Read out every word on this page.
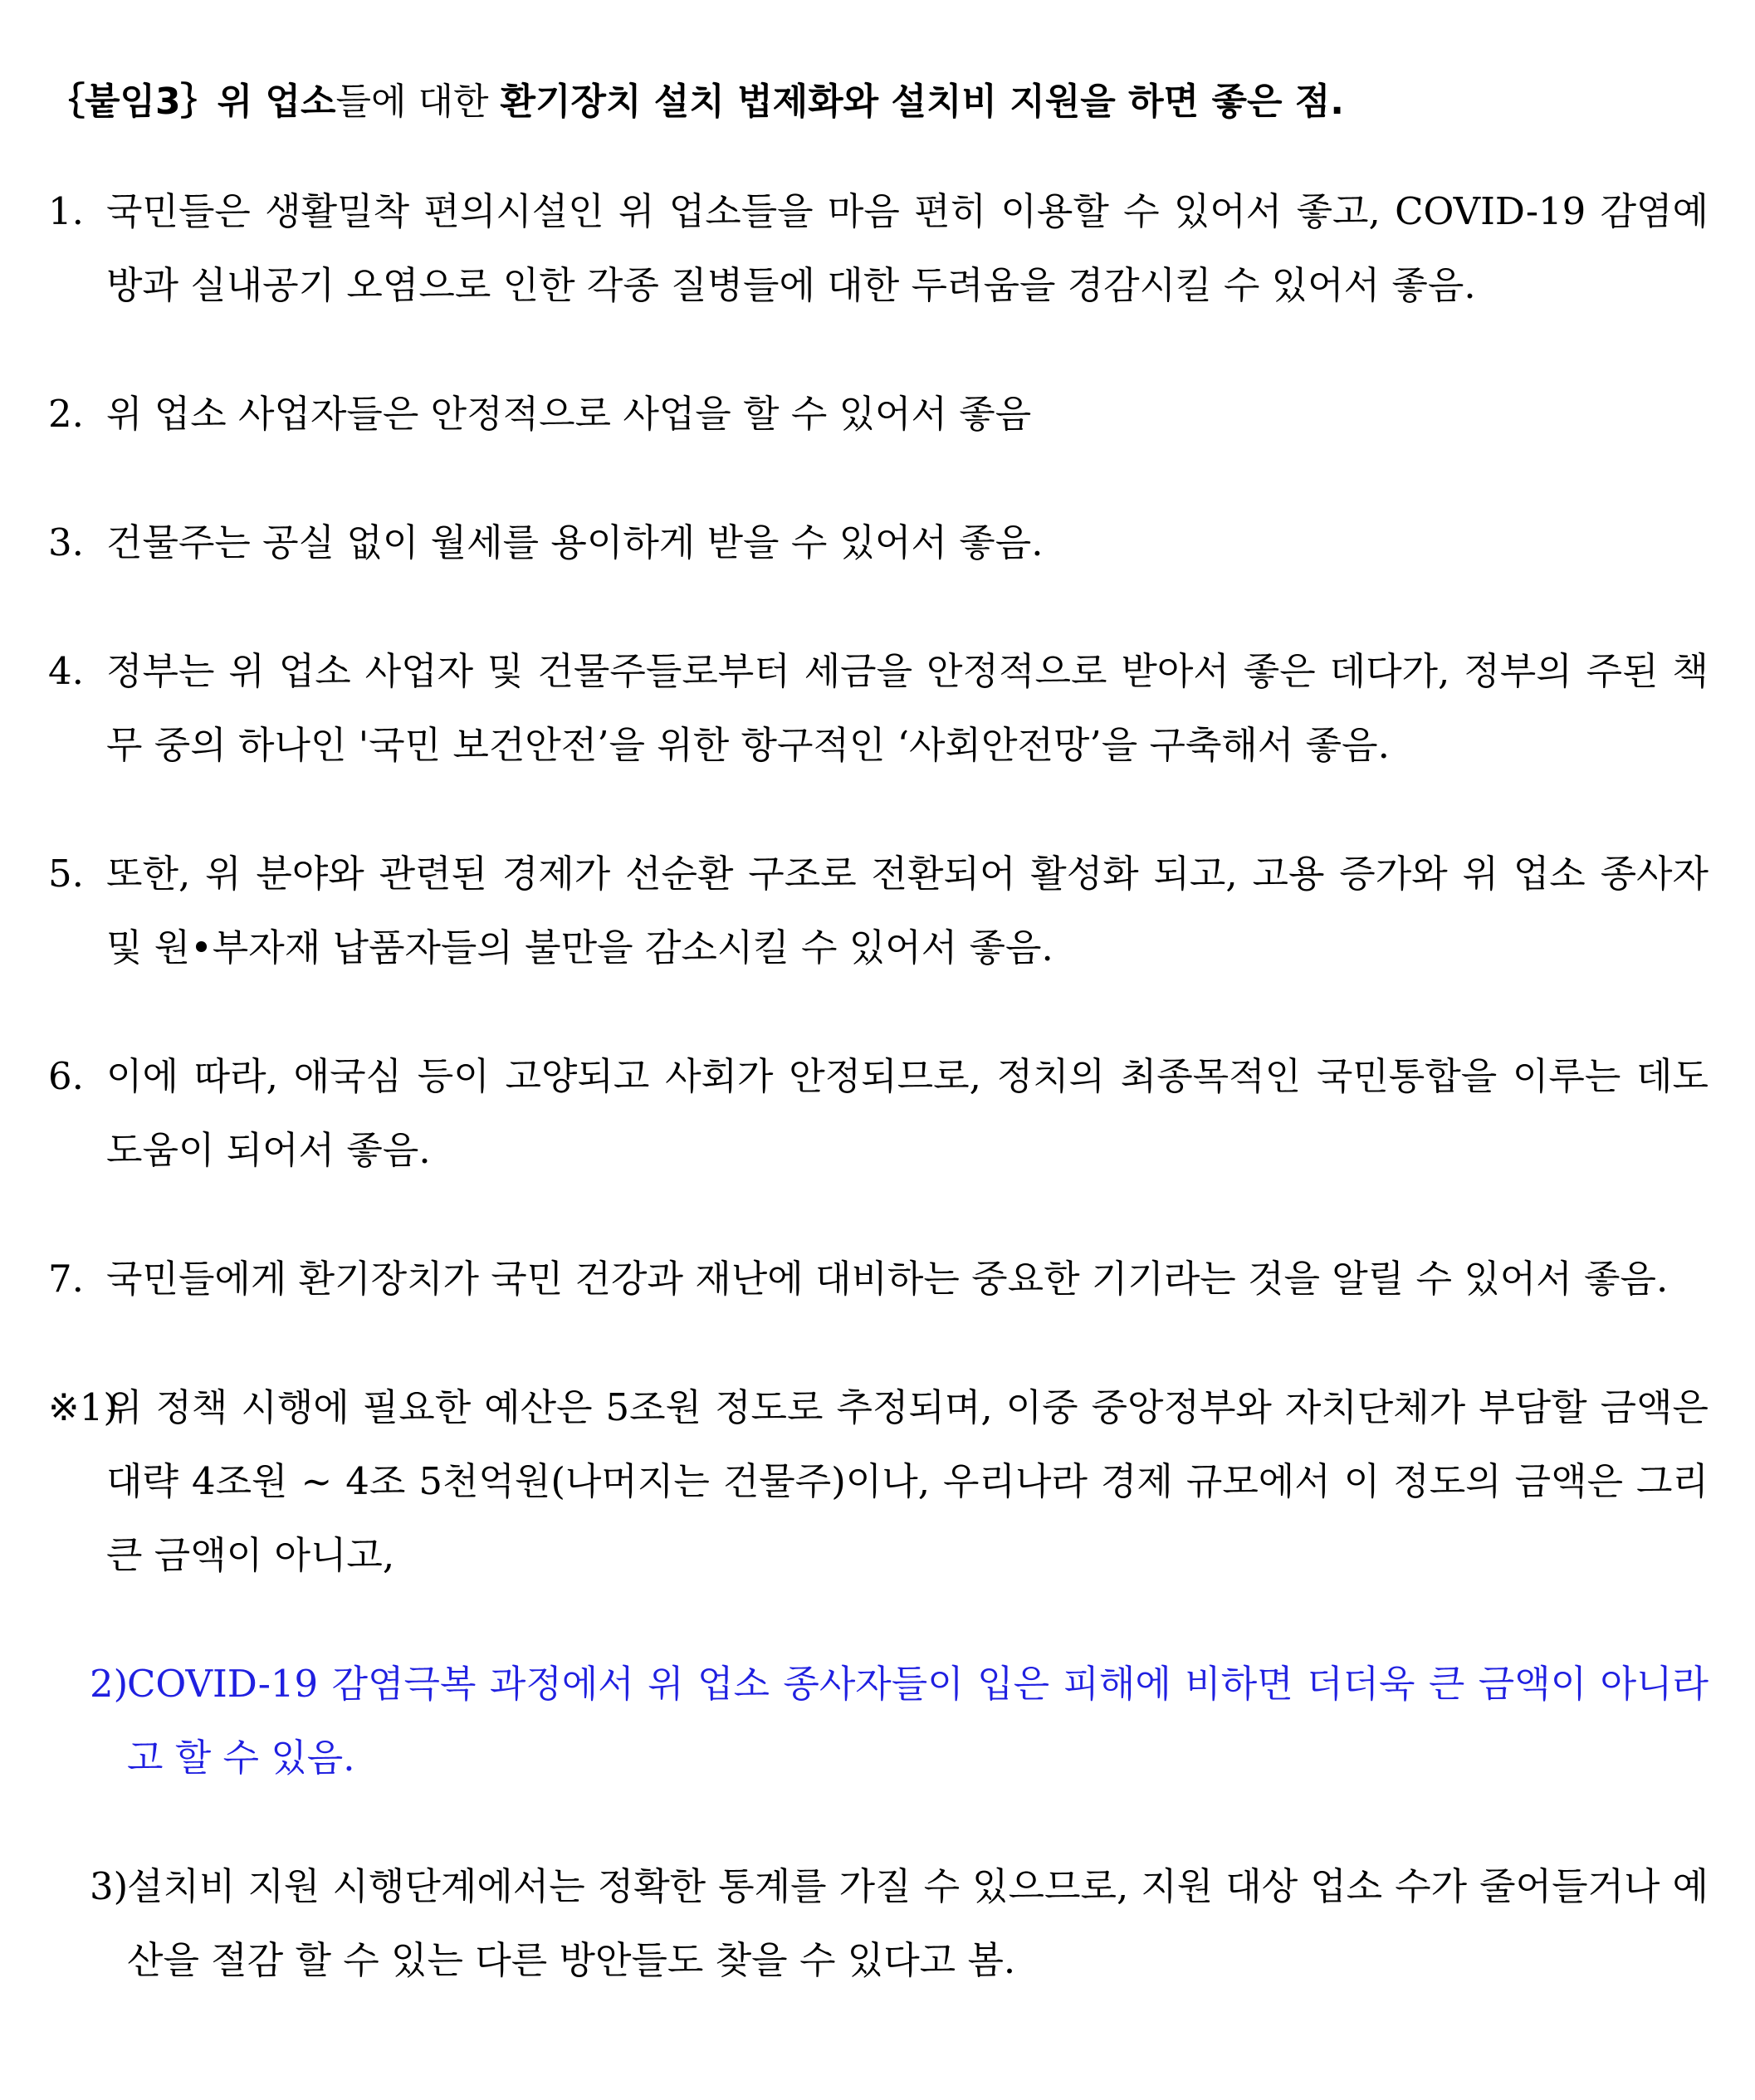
｛붙임3｝위 업소들에 대한 환기장치 설치 법제화와 설치비 지원을 하면 좋은 점.
1. 국민들은 생활밀착 편의시설인 위 업소들을 마음 편히 이용할 수 있어서 좋고, COVID-19 감염예방과 실내공기 오염으로 인한 각종 질병들에 대한 두려움을 경감시킬 수 있어서 좋음.
2. 위 업소 사업자들은 안정적으로 사업을 할 수 있어서 좋음
3. 건물주는 공실 없이 월세를 용이하게 받을 수 있어서 좋음.
4. 정부는 위 업소 사업자 및 건물주들로부터 세금을 안정적으로 받아서 좋은 데다가, 정부의 주된 책무 중의 하나인 '국민 보건안전’을 위한 항구적인 ‘사회안전망’을 구축해서 좋음.
5. 또한, 위 분야와 관련된 경제가 선순환 구조로 전환되어 활성화 되고, 고용 증가와 위 업소 종사자 및 원•부자재 납품자들의 불만을 감소시킬 수 있어서 좋음.
6. 이에 따라, 애국심 등이 고양되고 사회가 안정되므로, 정치의 최종목적인 국민통합을 이루는 데도 도움이 되어서 좋음.
7. 국민들에게 환기장치가 국민 건강과 재난에 대비하는 중요한 기기라는 것을 알릴 수 있어서 좋음.
※1)
위 정책 시행에 필요한 예산은 5조원 정도로 추정되며, 이중 중앙정부와 자치단체가 부담할 금액은 대략 4조원 ~ 4조 5천억원(나머지는 건물주)이나, 우리나라 경제 규모에서 이 정도의 금액은 그리 큰 금액이 아니고,
2)
COVID-19 감염극복 과정에서 위 업소 종사자들이 입은 피해에 비하면 더더욱 큰 금액이 아니라고 할 수 있음.
3)
설치비 지원 시행단계에서는 정확한 통계를 가질 수 있으므로, 지원 대상 업소 수가 줄어들거나 예산을 절감 할 수 있는 다른 방안들도 찾을 수 있다고 봄.
